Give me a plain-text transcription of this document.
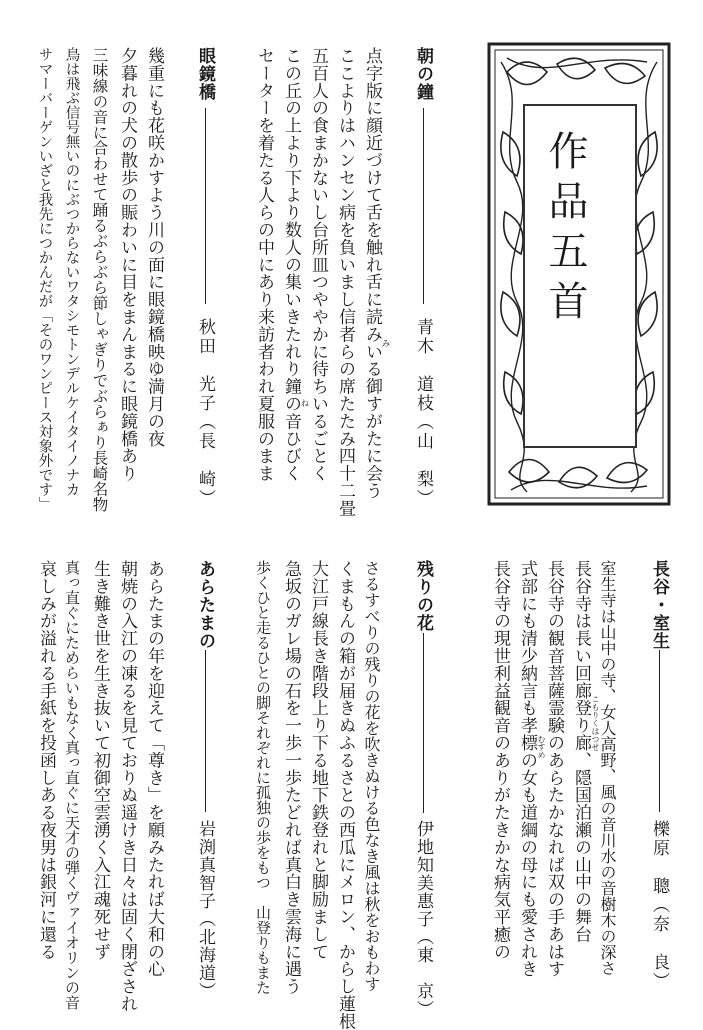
作品五首
朝の鐘
青木　道枝（山　梨）
点字版に顔近づけて舌を触れ舌に読みいる御すがたに会う み
ここよりはハンセン病を負いまし信者らの席たたみ四十二畳
五百人の食まかないし台所皿つややかに待ちいるごとく
この丘の上より下より数人の集いきたれり鐘の音ひびく ね
セーターを着たる人らの中にあり来訪者われ夏服のまま
眼鏡橋
秋田　光子（長　崎）
幾重にも花咲かすよう川の面に眼鏡橋映ゆ満月の夜
夕暮れの犬の散歩の賑わいに目をまんまるに眼鏡橋あり
三味線の音に合わせて踊るぶらぶら節しゃぎりでぶらぁり長崎名物
鳥は飛ぶ信号無いのにぶつからないワタシモトンデルケイタイノナカ
サマーバーゲンいざと我先につかんだが「そのワンピース対象外です」
長谷・室生
櫟原　聰（奈　良）
室生寺は山中の寺、女人高野、風の音川水の音樹木の深さ
長谷寺は長い回廊登り廊、隠国泊瀬の山中の舞台 こもりくはつせ
長谷寺の観音菩薩霊験のあらたかなれば双の手あはす
式部にも清少納言も孝標の女も道綱の母にも愛されき むすめ
長谷寺の現世利益観音のありがたきかな病気平癒の
残りの花
伊地知美惠子（東　京）
さるすべりの残りの花を吹きぬける色なき風は秋をおもわす
くまもんの箱が届きぬふるさとの西瓜にメロン、からし蓮根
大江戸線長き階段上り下る地下鉄登れと脚励まして
急坂のガレ場の石を一歩一歩たどれば真白き雲海に遇う
歩くひと走るひとの脚それぞれに孤独の歩をもつ　山登りもまた
あらたまの
岩渕真智子（北海道）
あらたまの年を迎えて「尊き」を願みたれば大和の心
朝焼の入江の凍るを見ておりぬ遥けき日々は固く閉ざされ
生き難き世を生き抜いて初御空雲湧く入江魂死せず
真っ直ぐにためらいもなく真っ直ぐに天才の弾くヴァイオリンの音
哀しみが溢れる手紙を投函しある夜男は銀河に還る
